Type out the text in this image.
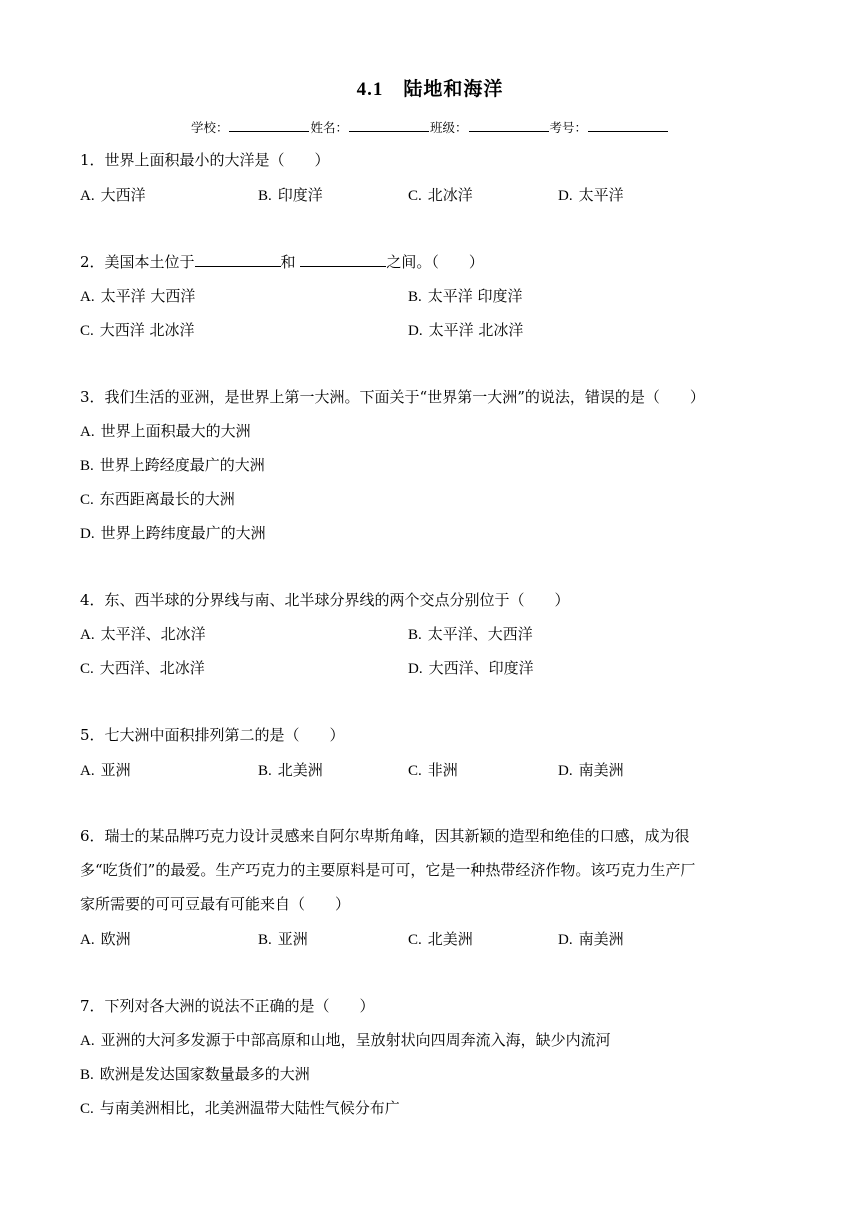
4.1 陆地和海洋
学校：	姓名：	班级：	考号：
1．世界上面积最小的大洋是（　　）
A. 大西洋	B. 印度洋	C. 北冰洋	D. 太平洋
2．美国本土位于	和	之间。（　　）
A. 太平洋 大西洋	B. 太平洋 印度洋
C. 大西洋 北冰洋	D. 太平洋 北冰洋
3．我们生活的亚洲，是世界上第一大洲。下面关于“世界第一大洲”的说法，错误的是（　　）
A. 世界上面积最大的大洲
B. 世界上跨经度最广的大洲
C. 东西距离最长的大洲
D. 世界上跨纬度最广的大洲
4．东、西半球的分界线与南、北半球分界线的两个交点分别位于（　　）
A. 太平洋、北冰洋	B. 太平洋、大西洋
C. 大西洋、北冰洋	D. 大西洋、印度洋
5．七大洲中面积排列第二的是（　　）
A. 亚洲	B. 北美洲	C. 非洲	D. 南美洲
6．瑞士的某品牌巧克力设计灵感来自阿尔卑斯角峰，因其新颖的造型和绝佳的口感，成为很
多“吃货们”的最爱。生产巧克力的主要原料是可可，它是一种热带经济作物。该巧克力生产厂
家所需要的可可豆最有可能来自（　　）
A. 欧洲	B. 亚洲	C. 北美洲	D. 南美洲
7．下列对各大洲的说法不正确的是（　　）
A. 亚洲的大河多发源于中部高原和山地，呈放射状向四周奔流入海，缺少内流河
B. 欧洲是发达国家数量最多的大洲
C. 与南美洲相比，北美洲温带大陆性气候分布广
